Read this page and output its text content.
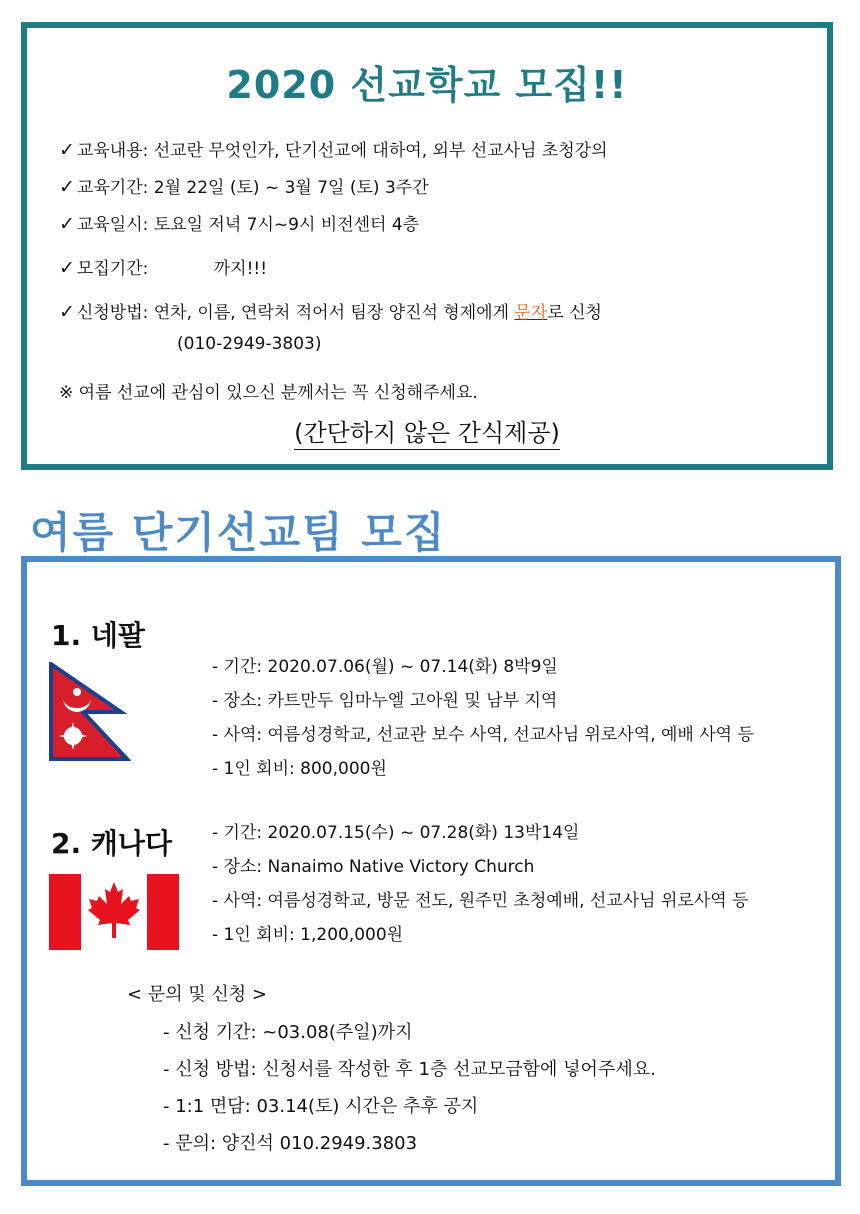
2020 선교학교 모집!!
✓ 교육내용: 선교란 무엇인가, 단기선교에 대하여, 외부 선교사님 초청강의
✓ 교육기간: 2월 22일 (토) ~ 3월 7일 (토) 3주간
✓ 교육일시: 토요일 저녁 7시~9시 비전센터 4층
✓ 모집기간:	까지!!!
✓ 신청방법: 연차, 이름, 연락처 적어서 팀장 양진석 형제에게 문자로 신청
(010-2949-3803)
※ 여름 선교에 관심이 있으신 분께서는 꼭 신청해주세요.
(간단하지 않은 간식제공)
여름 단기선교팀 모집
1. 네팔
- 기간: 2020.07.06(월) ~ 07.14(화) 8박9일
- 장소: 카트만두 임마누엘 고아원 및 남부 지역
- 사역: 여름성경학교, 선교관 보수 사역, 선교사님 위로사역, 예배 사역 등
- 1인 회비: 800,000원
2. 캐나다 - 기간: 2020.07.15(수) ~ 07.28(화) 13박14일
- 장소: Nanaimo Native Victory Church
- 사역: 여름성경학교, 방문 전도, 원주민 초청예배, 선교사님 위로사역 등
- 1인 회비: 1,200,000원
< 문의 및 신청 >
- 신청 기간: ~03.08(주일)까지
- 신청 방법: 신청서를 작성한 후 1층 선교모금함에 넣어주세요.
- 1:1 면담: 03.14(토) 시간은 추후 공지
- 문의: 양진석 010.2949.3803
